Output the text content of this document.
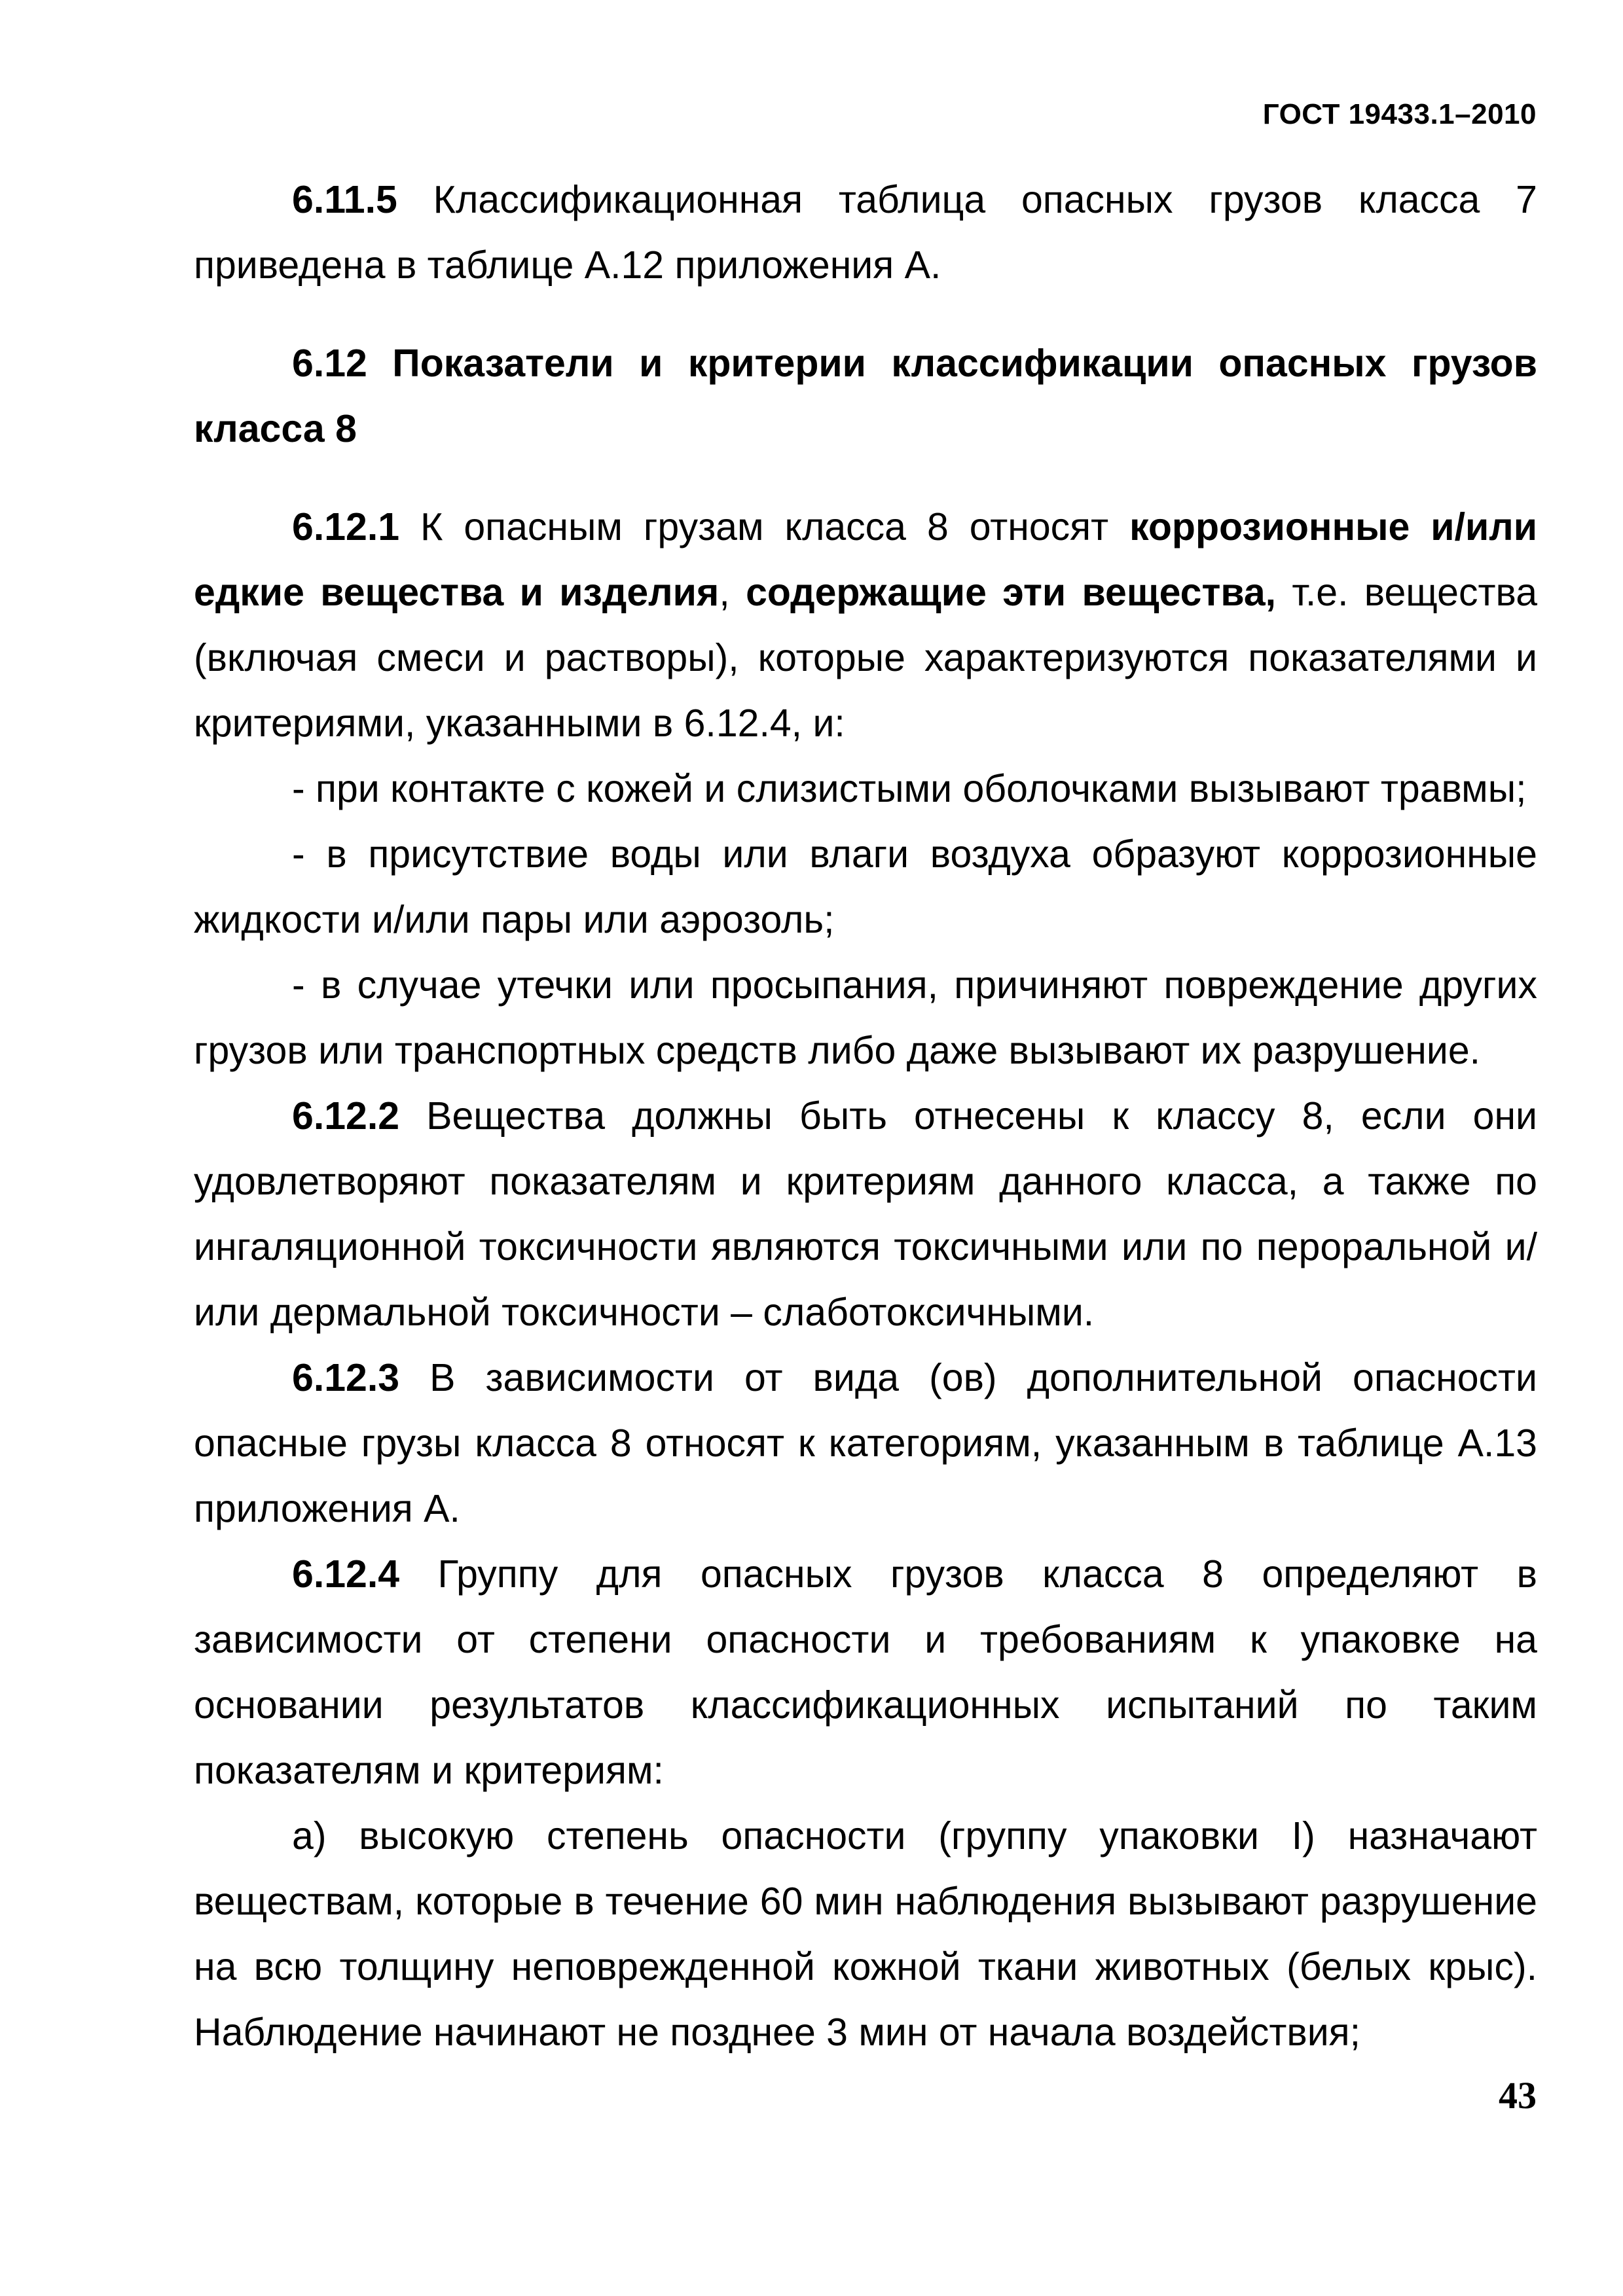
ГОСТ 19433.1–2010

6.11.5 Классификационная таблица опасных грузов класса 7 приведена в таблице А.12 приложения А.

6.12 Показатели и критерии классификации опасных грузов класса 8

6.12.1 К опасным грузам класса 8 относят коррозионные и/или едкие вещества и изделия, содержащие эти вещества, т.е. вещества (включая смеси и растворы), которые характеризуются показателями и критериями, указанными в 6.12.4, и:

- при контакте с кожей и слизистыми оболочками вызывают травмы;

- в присутствие воды или влаги воздуха образуют коррозионные жидкости и/или пары или аэрозоль;

- в случае утечки или просыпания, причиняют повреждение других грузов или транспортных средств либо даже вызывают их разрушение.

6.12.2 Вещества должны быть отнесены к классу 8, если они удовлетворяют показателям и критериям данного класса, а также по ингаляционной токсичности являются токсичными или по пероральной и/или дермальной токсичности – слаботоксичными.

6.12.3 В зависимости от вида (ов) дополнительной опасности опасные грузы класса 8 относят к категориям, указанным в таблице А.13 приложения А.

6.12.4 Группу для опасных грузов класса 8 определяют в зависимости от степени опасности и требованиям к упаковке на основании результатов классификационных испытаний по таким показателям и критериям:

а) высокую степень опасности (группу упаковки I) назначают веществам, которые в течение 60 мин наблюдения вызывают разрушение на всю толщину неповрежденной кожной ткани животных (белых крыс). Наблюдение начинают не позднее 3 мин от начала воздействия;

43
